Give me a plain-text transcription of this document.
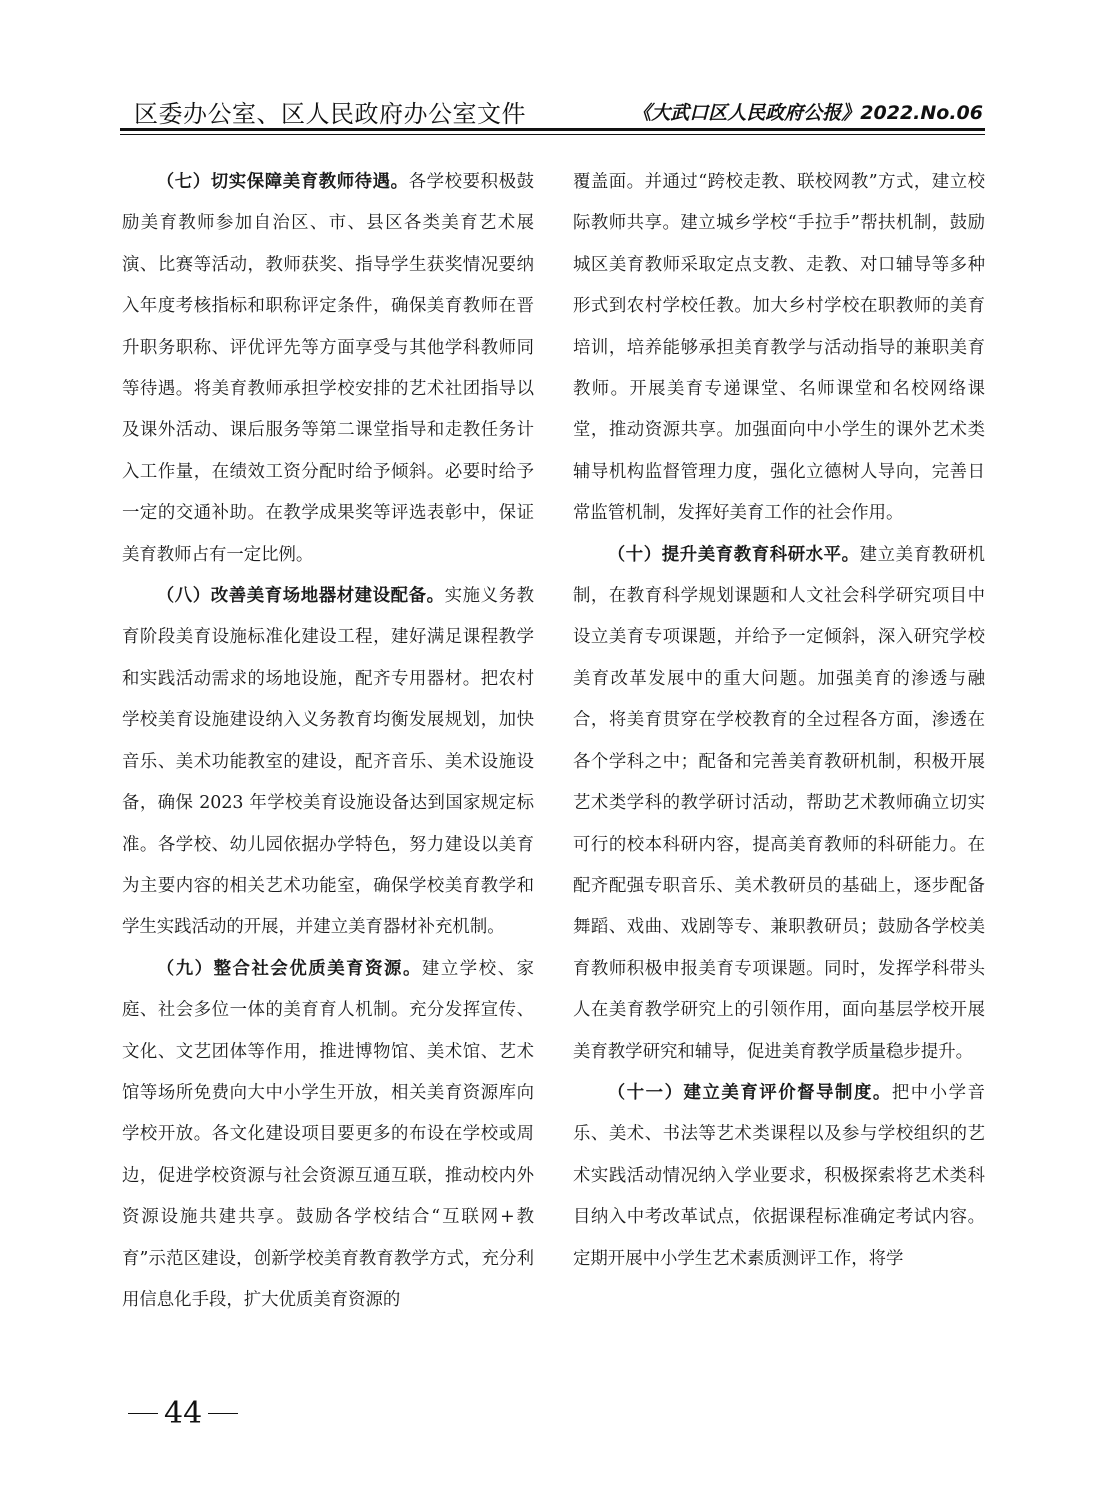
区委办公室、区人民政府办公室文件	《大武口区人民政府公报》2022.No.06

（七）切实保障美育教师待遇。各学校要积极鼓励美育教师参加自治区、市、县区各类美育艺术展演、比赛等活动，教师获奖、指导学生获奖情况要纳入年度考核指标和职称评定条件，确保美育教师在晋升职务职称、评优评先等方面享受与其他学科教师同等待遇。将美育教师承担学校安排的艺术社团指导以及课外活动、课后服务等第二课堂指导和走教任务计入工作量，在绩效工资分配时给予倾斜。必要时给予一定的交通补助。在教学成果奖等评选表彰中，保证美育教师占有一定比例。

（八）改善美育场地器材建设配备。实施义务教育阶段美育设施标准化建设工程，建好满足课程教学和实践活动需求的场地设施，配齐专用器材。把农村学校美育设施建设纳入义务教育均衡发展规划，加快音乐、美术功能教室的建设，配齐音乐、美术设施设备，确保 2023 年学校美育设施设备达到国家规定标准。各学校、幼儿园依据办学特色，努力建设以美育为主要内容的相关艺术功能室，确保学校美育教学和学生实践活动的开展，并建立美育器材补充机制。

（九）整合社会优质美育资源。建立学校、家庭、社会多位一体的美育育人机制。充分发挥宣传、文化、文艺团体等作用，推进博物馆、美术馆、艺术馆等场所免费向大中小学生开放，相关美育资源库向学校开放。各文化建设项目要更多的布设在学校或周边，促进学校资源与社会资源互通互联，推动校内外资源设施共建共享。鼓励各学校结合“互联网+教育”示范区建设，创新学校美育教育教学方式，充分利用信息化手段，扩大优质美育资源的

覆盖面。并通过“跨校走教、联校网教”方式，建立校际教师共享。建立城乡学校“手拉手”帮扶机制，鼓励城区美育教师采取定点支教、走教、对口辅导等多种形式到农村学校任教。加大乡村学校在职教师的美育培训，培养能够承担美育教学与活动指导的兼职美育教师。开展美育专递课堂、名师课堂和名校网络课堂，推动资源共享。加强面向中小学生的课外艺术类辅导机构监督管理力度，强化立德树人导向，完善日常监管机制，发挥好美育工作的社会作用。

（十）提升美育教育科研水平。建立美育教研机制，在教育科学规划课题和人文社会科学研究项目中设立美育专项课题，并给予一定倾斜，深入研究学校美育改革发展中的重大问题。加强美育的渗透与融合，将美育贯穿在学校教育的全过程各方面，渗透在各个学科之中；配备和完善美育教研机制，积极开展艺术类学科的教学研讨活动，帮助艺术教师确立切实可行的校本科研内容，提高美育教师的科研能力。在配齐配强专职音乐、美术教研员的基础上，逐步配备舞蹈、戏曲、戏剧等专、兼职教研员；鼓励各学校美育教师积极申报美育专项课题。同时，发挥学科带头人在美育教学研究上的引领作用，面向基层学校开展美育教学研究和辅导，促进美育教学质量稳步提升。

（十一）建立美育评价督导制度。把中小学音乐、美术、书法等艺术类课程以及参与学校组织的艺术实践活动情况纳入学业要求，积极探索将艺术类科目纳入中考改革试点，依据课程标准确定考试内容。定期开展中小学生艺术素质测评工作，将学

44
